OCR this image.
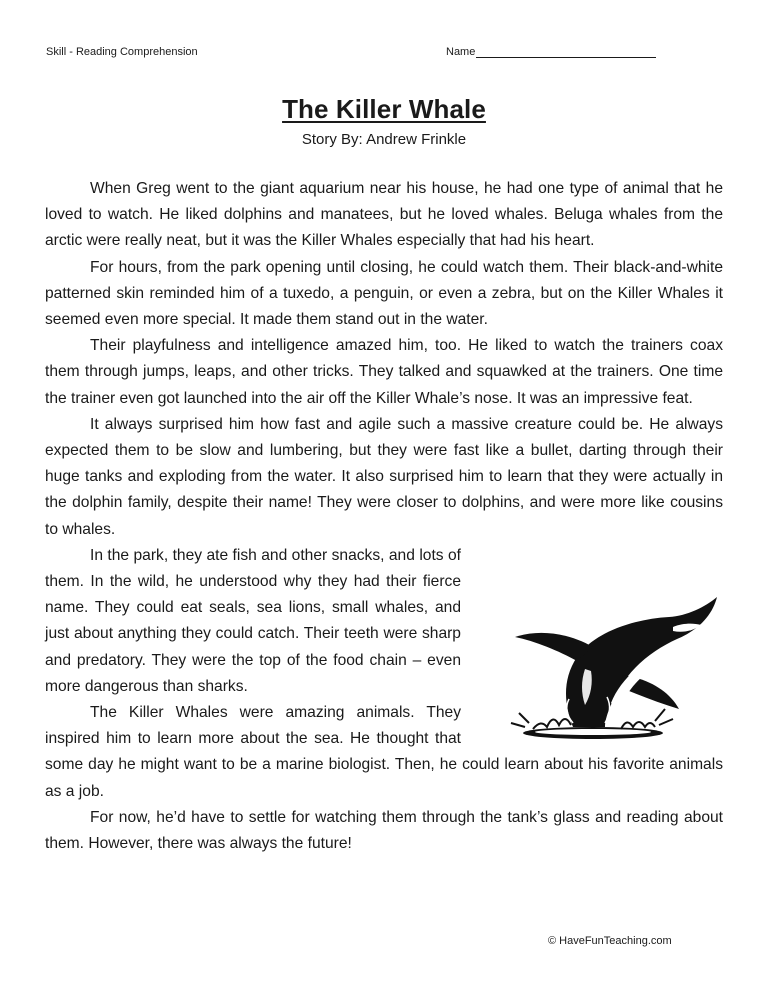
Skill - Reading Comprehension	Name
The Killer Whale
Story By: Andrew Frinkle

When Greg went to the giant aquarium near his house, he had one type of animal that he loved to watch. He liked dolphins and manatees, but he loved whales. Beluga whales from the arctic were really neat, but it was the Killer Whales especially that had his heart.

For hours, from the park opening until closing, he could watch them. Their black-and-white patterned skin reminded him of a tuxedo, a penguin, or even a zebra, but on the Killer Whales it seemed even more special. It made them stand out in the water.

Their playfulness and intelligence amazed him, too. He liked to watch the trainers coax them through jumps, leaps, and other tricks. They talked and squawked at the trainers. One time the trainer even got launched into the air off the Killer Whale’s nose. It was an impressive feat.

It always surprised him how fast and agile such a massive creature could be. He always expected them to be slow and lumbering, but they were fast like a bullet, darting through their huge tanks and exploding from the water. It also surprised him to learn that they were actually in the dolphin family, despite their name! They were closer to dolphins, and were more like cousins to whales.

In the park, they ate fish and other snacks, and lots of them. In the wild, he understood why they had their fierce name. They could eat seals, sea lions, small whales, and just about anything they could catch. Their teeth were sharp and predatory. They were the top of the food chain – even more dangerous than sharks.

The Killer Whales were amazing animals. They inspired him to learn more about the sea. He thought that some day he might want to be a marine biologist. Then, he could learn about his favorite animals as a job.

For now, he’d have to settle for watching them through the tank’s glass and reading about them. However, there was always the future!

© HaveFunTeaching.com
